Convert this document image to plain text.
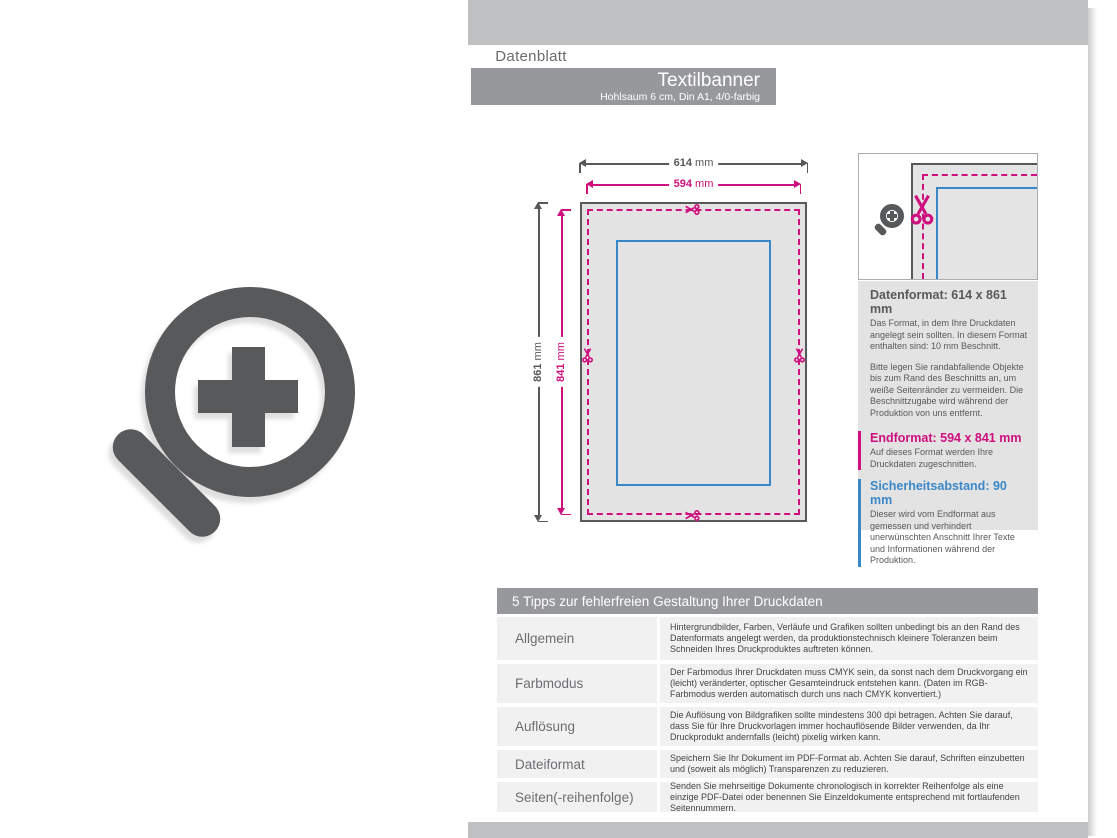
Datenblatt
Textilbanner
Hohlsaum 6 cm, Din A1, 4/0-farbig
614 mm
594 mm
861 mm
841 mm
Datenformat: 614 x 861 mm

Das Format, in dem Ihre Druckdaten angelegt sein sollten. In diesem Format enthalten sind: 10 mm Beschnitt.

Bitte legen Sie randabfallende Objekte bis zum Rand des Beschnitts an, um weiße Seitenränder zu vermeiden. Die Beschnittzugabe wird während der Produktion von uns entfernt.

Endformat: 594 x 841 mm

Auf dieses Format werden Ihre Druckdaten zugeschnitten.

Sicherheitsabstand: 90 mm

Dieser wird vom Endformat aus gemessen und verhindert unerwünschten Anschnitt Ihrer Texte und Informationen während der Produktion.

5 Tipps zur fehlerfreien Gestaltung Ihrer Druckdaten
Allgemein
Hintergrundbilder, Farben, Verläufe und Grafiken sollten unbedingt bis an den Rand des Datenformats angelegt werden, da produktionstechnisch kleinere Toleranzen beim Schneiden Ihres Druckproduktes auftreten können.
Farbmodus
Der Farbmodus Ihrer Druckdaten muss CMYK sein, da sonst nach dem Druckvorgang ein (leicht) veränderter, optischer Gesamteindruck entstehen kann. (Daten im RGB-Farbmodus werden automatisch durch uns nach CMYK konvertiert.)
Auflösung
Die Auflösung von Bildgrafiken sollte mindestens 300 dpi betragen. Achten Sie darauf, dass Sie für Ihre Druckvorlagen immer hochauflösende Bilder verwenden, da Ihr Druckprodukt andernfalls (leicht) pixelig wirken kann.
Dateiformat	Speichern Sie Ihr Dokument im PDF-Format ab. Achten Sie darauf, Schriften einzubetten und (soweit als möglich) Transparenzen zu reduzieren.
Seiten(-reihenfolge)
Senden Sie mehrseitige Dokumente chronologisch in korrekter Reihenfolge als eine einzige PDF-Datei oder benennen Sie Einzeldokumente entsprechend mit fortlaufenden Seitennummern.
